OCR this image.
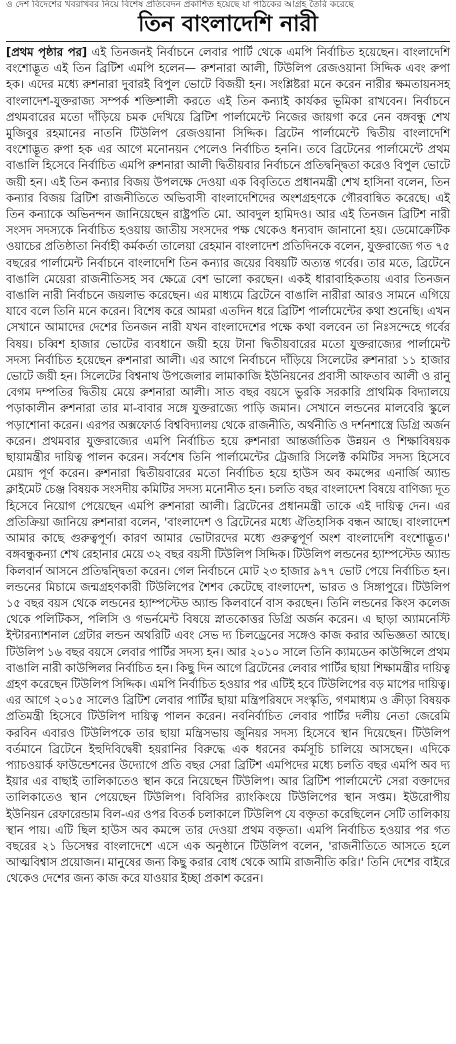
ও দেশ বিদেশের খবরাখবর নিয়ে বিশেষ প্রতিবেদন প্রকাশিত হয়েছে যা পাঠকের আগ্রহ তৈরি করেছে
তিন বাংলাদেশি নারী

[প্রথম পৃষ্ঠার পর] এই তিনজনই নির্বাচনে লেবার পার্টি থেকে এমপি নির্বাচিত হয়েছেন। বাংলাদেশি বংশোদ্ভূত এই তিন ব্রিটিশ এমপি হলেন— রুশনারা আলী, টিউলিপ রেজওয়ানা সিদ্দিক এবং রুপা হক। এদের মধ্যে রুশনারা দুবারই বিপুল ভোটে বিজয়ী হন। সংশ্লিষ্টরা মনে করেন নারীর ক্ষমতায়নসহ বাংলাদেশ-যুক্তরাজ্য সম্পর্ক শক্তিশালী করতে এই তিন কন্যাই কার্যকর ভূমিকা রাখবেন। নির্বাচনে প্রথমবারের মতো দাঁড়িয়ে চমক দেখিয়ে ব্রিটিশ পার্লামেন্টে নিজের জায়গা করে নেন বঙ্গবন্ধু শেখ মুজিবুর রহমানের নাতনি টিউলিপ রেজওয়ানা সিদ্দিক। ব্রিটেন পার্লামেন্টে দ্বিতীয় বাংলাদেশি বংশোদ্ভূত রুপা হক এর আগে মনোনয়ন পেলেও নির্বাচিত হননি। তবে ব্রিটেনের পার্লামেন্টে প্রথম বাঙালি হিসেবে নির্বাচিত এমপি রুশনারা আলী দ্বিতীয়বার নির্বাচনে প্রতিদ্বন্দ্বিতা করেও বিপুল ভোটে জয়ী হন। এই তিন কন্যার বিজয় উপলক্ষে দেওয়া এক বিবৃতিতে প্রধানমন্ত্রী শেখ হাসিনা বলেন, তিন কন্যার বিজয় ব্রিটিশ রাজনীতিতে অভিবাসী বাংলাদেশিদের অংশগ্রহণকে গৌরবান্বিত করেছে। এই তিন কন্যাকে অভিনন্দন জানিয়েছেন রাষ্ট্রপতি মো. আবদুল হামিদও। আর এই তিনজন ব্রিটিশ নারী সংসদ সদস্যকে নির্বাচিত হওয়ায় জাতীয় সংসদের পক্ষ থেকেও ধন্যবাদ জানানো হয়। ডেমোক্রেটিক ওয়াচের প্রতিষ্ঠাতা নির্বাহী কর্মকর্তা তালেয়া রেহমান বাংলাদেশ প্রতিদিনকে বলেন, যুক্তরাজ্যে গত ৭৫ বছরের পার্লামেন্ট নির্বাচনে বাংলাদেশি তিন কন্যার জয়ের বিষয়টি অত্যন্ত গর্বের। তার মতে, ব্রিটেনে বাঙালি মেয়েরা রাজনীতিসহ সব ক্ষেত্রে বেশ ভালো করছেন। একই ধারাবাহিকতায় এবার তিনজন বাঙালি নারী নির্বাচনে জয়লাভ করেছেন। এর মাধ্যমে ব্রিটেনে বাঙালি নারীরা আরও সামনে এগিয়ে যাবে বলে তিনি মনে করেন। বিশেষ করে আমরা এতদিন ধরে ব্রিটিশ পার্লামেন্টের কথা শুনেছি। এখন সেখানে আমাদের দেশের তিনজন নারী যখন বাংলাদেশের পক্ষে কথা বলবেন তা নিঃসন্দেহে গর্বের বিষয়। চব্বিশ হাজার ভোটের ব্যবধানে জয়ী হয়ে টানা দ্বিতীয়বারের মতো যুক্তরাজ্যের পার্লামেন্ট সদস্য নির্বাচিত হয়েছেন রুশনারা আলী। এর আগে নির্বাচনে দাঁড়িয়ে সিলেটের রুশনারা ১১ হাজার ভোটে জয়ী হন। সিলেটের বিশ্বনাথ উপজেলার লামাকাজি ইউনিয়নের প্রবাসী আফতাব আলী ও রানু বেগম দম্পতির দ্বিতীয় মেয়ে রুশনারা আলী। সাত বছর বয়সে ভুরকি সরকারি প্রাথমিক বিদ্যালয়ে পড়াকালীন রুশনারা তার মা-বাবার সঙ্গে যুক্তরাজ্যে পাড়ি জমান। সেখানে লন্ডনের মালবেরি স্কুলে পড়াশোনা করেন। এরপর অক্সফোর্ড বিশ্ববিদ্যালয় থেকে রাজনীতি, অর্থনীতি ও দর্শনশাস্ত্রে ডিগ্রি অর্জন করেন। প্রথমবার যুক্তরাজ্যের এমপি নির্বাচিত হয়ে রুশনারা আন্তর্জাতিক উন্নয়ন ও শিক্ষাবিষয়ক ছায়ামন্ত্রীর দায়িত্ব পালন করেন। সর্বশেষ তিনি পার্লামেন্টের ট্রেজারি সিলেক্ট কমিটির সদস্য হিসেবে মেয়াদ পূর্ণ করেন। রুশনারা দ্বিতীয়বারের মতো নির্বাচিত হয়ে হাউস অব কমন্সের এনার্জি অ্যান্ড ক্লাইমেট চেঞ্জ বিষয়ক সংসদীয় কমিটির সদস্য মনোনীত হন। চলতি বছর বাংলাদেশ বিষয়ে বাণিজ্য দূত হিসেবে নিয়োগ পেয়েছেন এমপি রুশনারা আলী। ব্রিটেনের প্রধানমন্ত্রী তাকে এই দায়িত্ব দেন। এর প্রতিক্রিয়া জানিয়ে রুশনারা বলেন, 'বাংলাদেশ ও ব্রিটেনের মধ্যে ঐতিহাসিক বন্ধন আছে। বাংলাদেশ আমার কাছে গুরুত্বপূর্ণ। কারণ আমার ভোটারদের মধ্যে গুরুত্বপূর্ণ অংশ বাংলাদেশি বংশোদ্ভূত।' বঙ্গবন্ধুকন্যা শেখ রেহানার মেয়ে ৩২ বছর বয়সী টিউলিপ সিদ্দিক। টিউলিপ লন্ডনের হ্যাম্পস্টেড অ্যান্ড কিলবার্ন আসনে প্রতিদ্বন্দ্বিতা করেন। গেল নির্বাচনে মোট ২৩ হাজার ৯৭৭ ভোট পেয়ে নির্বাচিত হন। লন্ডনের মিচামে জন্মগ্রহণকারী টিউলিপের শৈশব কেটেছে বাংলাদেশ, ভারত ও সিঙ্গাপুরে। টিউলিপ ১৫ বছর বয়স থেকে লন্ডনের হ্যাম্পস্টেড অ্যান্ড কিলবার্নে বাস করছেন। তিনি লন্ডনের কিংস কলেজ থেকে পলিটিকস, পলিসি ও গভর্নমেন্ট বিষয়ে স্নাতকোত্তর ডিগ্রি অর্জন করেন। এ ছাড়া অ্যামনেস্টি ইন্টারন্যাশনাল গ্রেটার লন্ডন অথরিটি এবং সেভ দ্য চিলড্রেনের সঙ্গেও কাজ করার অভিজ্ঞতা আছে। টিউলিপ ১৬ বছর বয়সে লেবার পার্টির সদস্য হন। আর ২০১০ সালে তিনি ক্যামডেন কাউন্সিলে প্রথম বাঙালি নারী কাউন্সিলর নির্বাচিত হন। কিছু দিন আগে ব্রিটেনের লেবার পার্টির ছায়া শিক্ষামন্ত্রীর দায়িত্ব গ্রহণ করেছেন টিউলিপ সিদ্দিক। এমপি নির্বাচিত হওয়ার পর এটিই হবে টিউলিপের বড় মাপের দায়িত্ব। এর আগে ২০১৫ সালেও ব্রিটিশ লেবার পার্টির ছায়া মন্ত্রিপরিষদে সংস্কৃতি, গণমাধ্যম ও ক্রীড়া বিষয়ক প্রতিমন্ত্রী হিসেবে টিউলিপ দায়িত্ব পালন করেন। নবনির্বাচিত লেবার পার্টির দলীয় নেতা জেরেমি করবিন এবারও টিউলিপকে তার ছায়া মন্ত্রিসভায় জুনিয়র সদস্য হিসেবে স্থান দিয়েছেন। টিউলিপ বর্তমানে ব্রিটেনে ইহুদিবিদ্বেষী হয়রানির বিরুদ্ধে এক ধরনের কর্মসূচি চালিয়ে আসছেন। এদিকে প্যাচওয়ার্ক ফাউন্ডেশনের উদ্যোগে প্রতি বছর সেরা ব্রিটিশ এমপিদের মধ্যে চলতি বছর এমপি অব দ্য ইয়ার এর বাছাই তালিকাতেও স্থান করে নিয়েছেন টিউলিপ। আর ব্রিটিশ পার্লামেন্টে সেরা বক্তাদের তালিকাতেও স্থান পেয়েছেন টিউলিপ। বিবিসির র‌্যাংকিংয়ে টিউলিপের স্থান সপ্তম। ইউরোপীয় ইউনিয়ন রেফারেন্ডাম বিল-এর ওপর বিতর্ক চলাকালে টিউলিপ যে বক্তৃতা করেছিলেন সেটি তালিকায় স্থান পায়। এটি ছিল হাউস অব কমন্সে তার দেওয়া প্রথম বক্তৃতা। এমপি নির্বাচিত হওয়ার পর গত বছরের ২১ ডিসেম্বর বাংলাদেশে এসে এক অনুষ্ঠানে টিউলিপ বলেন, 'রাজনীতিতে আসতে হলে আত্মবিশ্বাস প্রয়োজন। মানুষের জন্য কিছু করার বোধ থেকে আমি রাজনীতি করি।' তিনি দেশের বাইরে থেকেও দেশের জন্য কাজ করে যাওয়ার ইচ্ছা প্রকাশ করেন।
